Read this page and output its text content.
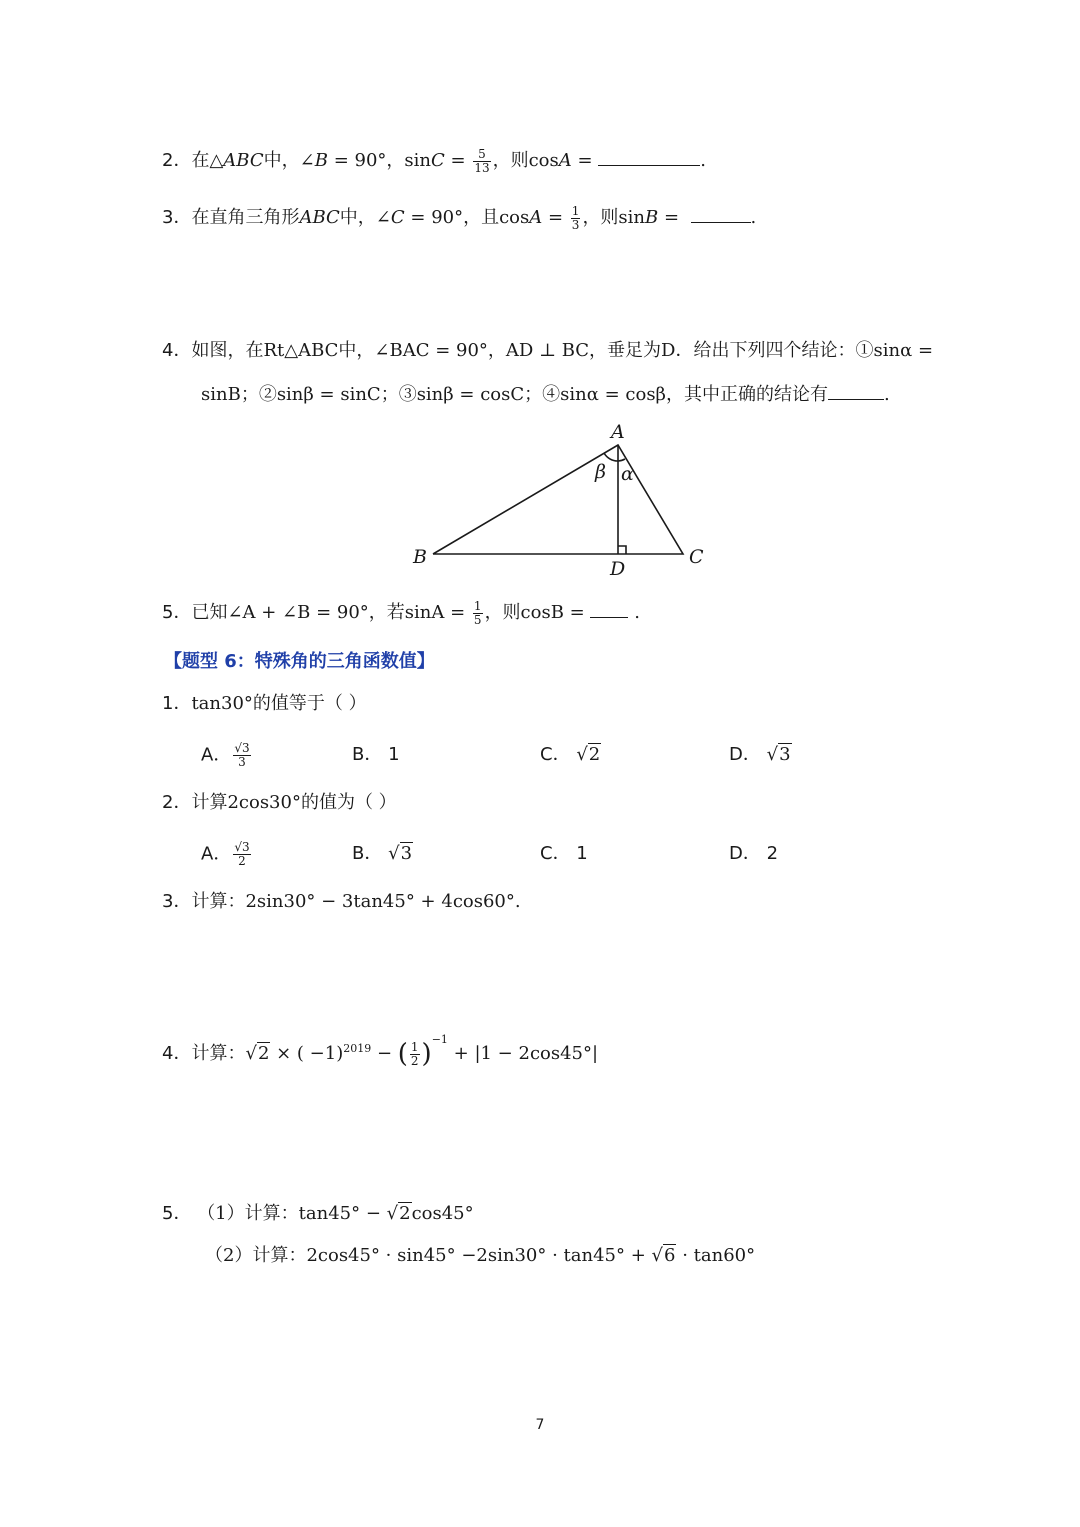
2．在△ABC中，∠B = 90°，$\sin C = \frac{5}{13}$ ，则cosA =	.
3．在直角三角形ABC中，∠C = 90°，且$\cos A = \frac{1}{3}$ ，则sinB =	.
4．如图，在Rt△ABC中，∠BAC = 90°，AD ⊥ BC，垂足为D．给出下列四个结论：①sinα =
sinB；②sinβ = sinC；③sinβ = cosC；④sinα = cosβ，其中正确的结论有	.
A
B	C
D
β α
5．已知∠A + ∠B = 90°，若$\sin A = \frac{1}{5}$ ，则cosB =  .
【题型 6：特殊角的三角函数值】
1．tan30°的值等于（ ）
A． $\frac{√3}{3}$	B． 1	C． √2	D． √3
2．计算2cos30°的值为（ ）
A． $\frac{√3}{2}$	B． √3	C． 1	D． 2
3．计算：2sin30° − 3tan45° + 4cos60°.
4．计算：√2 × ( −1)$^{2019}$ − ( $\frac{1}{2} )^{-1} + |1 - 2\cos 45^\circ|$
5． （1）计算：tan45° − √2cos45°
（2）计算：2cos45° · sin45° −2sin30° · tan45° + √6 · tan60°
7
